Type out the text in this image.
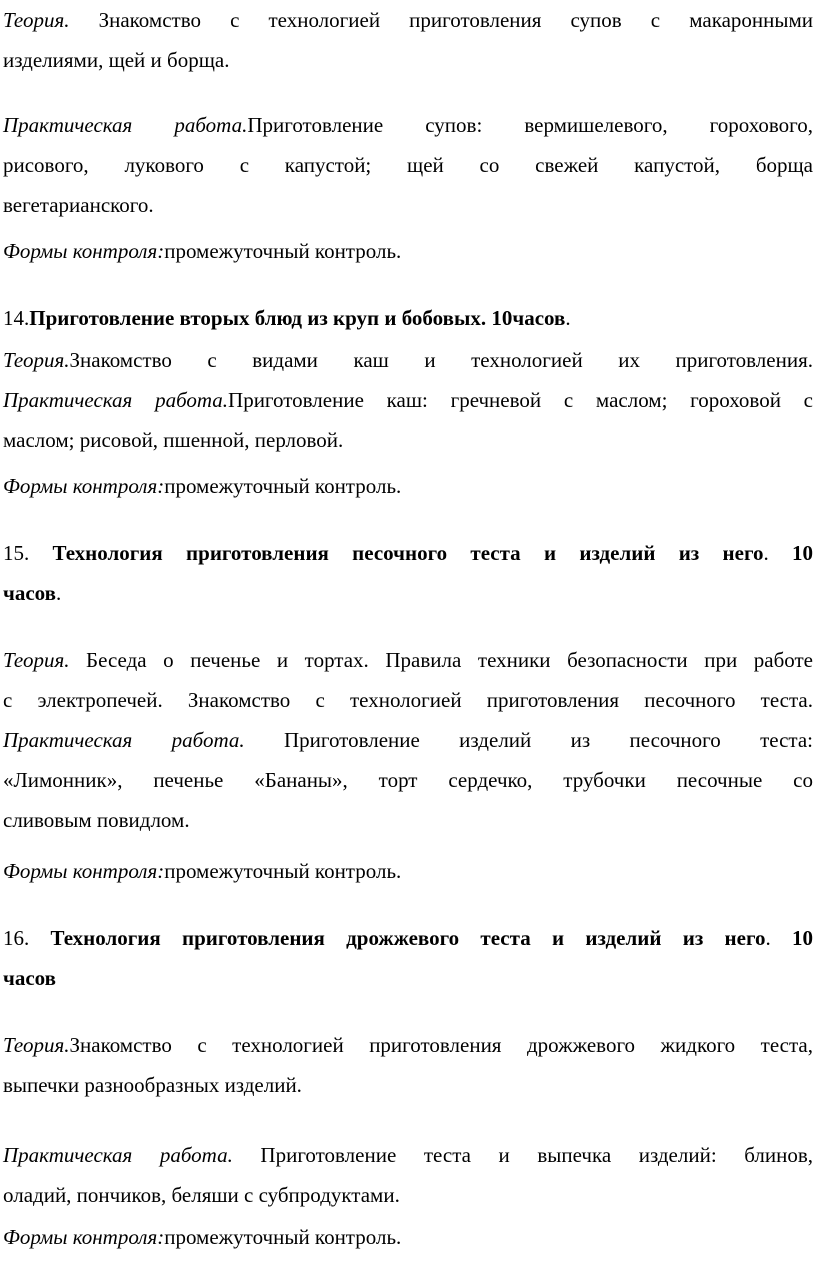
Теория. Знакомство с технологией приготовления супов с макаронными
изделиями, щей и борща.
Практическая работа.Приготовление супов: вермишелевого, горохового,
рисового, лукового с капустой; щей со свежей капустой, борща
вегетарианского.
Формы контроля:промежуточный контроль.
14.Приготовление вторых блюд из круп и бобовых. 10часов.
Теория.Знакомство с видами каш и технологией их приготовления.
Практическая работа.Приготовление каш: гречневой с маслом; гороховой с
маслом; рисовой, пшенной, перловой.
Формы контроля:промежуточный контроль.
15. Технология приготовления песочного теста и изделий из него. 10
часов.
Теория. Беседа о печенье и тортах. Правила техники безопасности при работе
с электропечей. Знакомство с технологией приготовления песочного теста.
Практическая работа. Приготовление изделий из песочного теста:
«Лимонник», печенье «Бананы», торт сердечко, трубочки песочные со
сливовым повидлом.
Формы контроля:промежуточный контроль.
16. Технология приготовления дрожжевого теста и изделий из него. 10
часов
Теория.Знакомство с технологией приготовления дрожжевого жидкого теста,
выпечки разнообразных изделий.
Практическая работа. Приготовление теста и выпечка изделий: блинов,
оладий, пончиков, беляши с субпродуктами.
Формы контроля:промежуточный контроль.
